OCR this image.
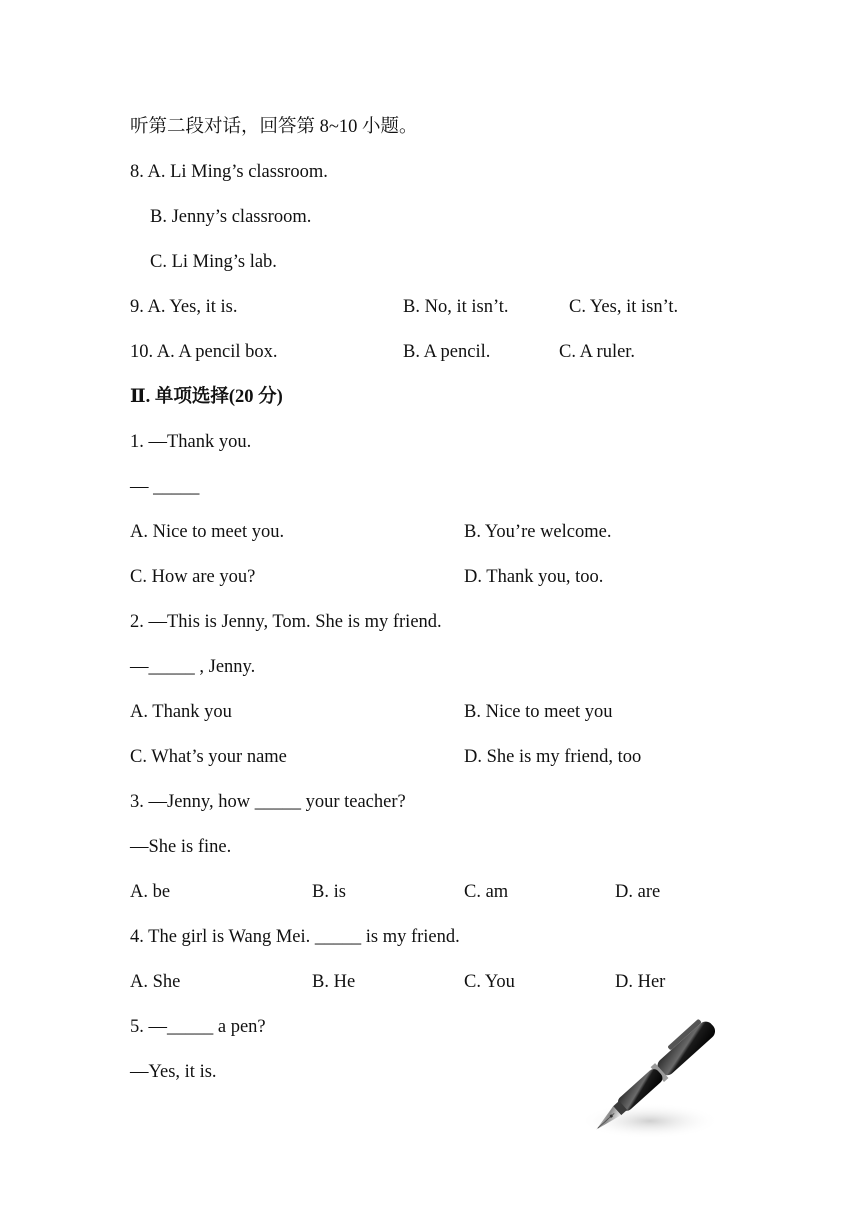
听第二段对话，回答第 8~10 小题。
8. A. Li Ming’s classroom.
B. Jenny’s classroom.
C. Li Ming’s lab.
9. A. Yes, it is.	B. No, it isn’t.	C. Yes, it isn’t.
10. A. A pencil box.	B. A pencil.	C. A ruler.
Ⅱ. 单项选择(20 分)
1. —Thank you.
— _____
A. Nice to meet you.	B. You’re welcome.
C. How are you?	D. Thank you, too.
2. —This is Jenny, Tom. She is my friend.
—_____ , Jenny.
A. Thank you	B. Nice to meet you
C. What’s your name	D. She is my friend, too
3. —Jenny, how _____ your teacher?
—She is fine.
A. be	B. is	C. am	D. are
4. The girl is Wang Mei. _____ is my friend.
A. She	B. He	C. You	D. Her
5. —_____ a pen?
—Yes, it is.
